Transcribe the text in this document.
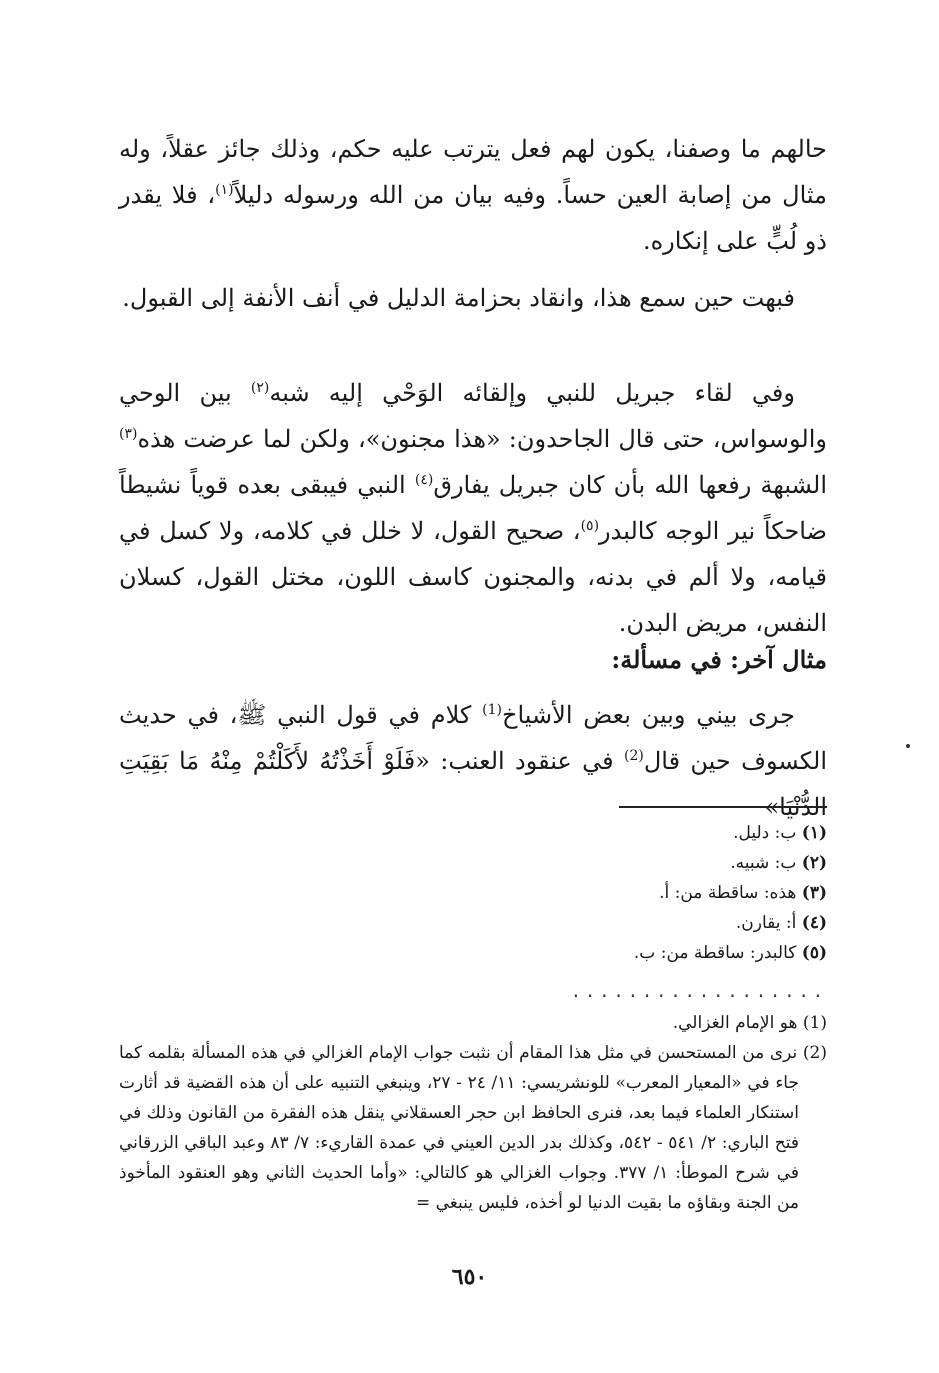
حالهم ما وصفنا، يكون لهم فعل يترتب عليه حكم، وذلك جائز عقلاً، وله مثال من إصابة العين حساً. وفيه بيان من الله ورسوله دليلاً$^{(١)}$، فلا يقدر ذو لُبٍّ على إنكاره.
فبهت حين سمع هذا، وانقاد بحزامة الدليل في أنف الأنفة إلى القبول.
وفي لقاء جبريل للنبي وإلقائه الوَحْي إليه شبه$^{(٢)}$ بين الوحي والوسواس، حتى قال الجاحدون: «هذا مجنون»، ولكن لما عرضت هذه$^{(٣)}$ الشبهة رفعها الله بأن كان جبريل يفارق$^{(٤)}$ النبي فيبقى بعده قوياً نشيطاً ضاحكاً نير الوجه كالبدر$^{(٥)}$، صحيح القول، لا خلل في كلامه، ولا كسل في قيامه، ولا ألم في بدنه، والمجنون كاسف اللون، مختل القول، كسلان النفس، مريض البدن.
مثال آخر: في مسألة:
جرى بيني وبين بعض الأشياخ$^{(1)}$ كلام في قول النبي ﷺ، في حديث الكسوف حين قال$^{(2)}$ في عنقود العنب: «فَلَوْ أَخَذْتُهُ لأَكَلْتُمْ مِنْهُ مَا بَقِيَتِ الدُّنْيَا»
(١) ب: دليل.
(٢) ب: شبيه.
(٣) هذه: ساقطة من: أ.
(٤) أ: يقارن.
(٥) كالبدر: ساقطة من: ب.
..................
(1) هو الإمام الغزالي.
(2) نرى من المستحسن في مثل هذا المقام أن نثبت جواب الإمام الغزالي في هذه المسألة بقلمه كما جاء في «المعيار المعرب» للونشريسي: ١١/ ٢٤ - ٢٧، وينبغي التنبيه على أن هذه القضية قد أثارت استنكار العلماء فيما بعد، فنرى الحافظ ابن حجر العسقلاني ينقل هذه الفقرة من القانون وذلك في فتح الباري: ٢/ ٥٤١ - ٥٤٢، وكذلك بدر الدين العيني في عمدة القاريء: ٧/ ٨٣ وعبد الباقي الزرقاني في شرح الموطأ: ١/ ٣٧٧. وجواب الغزالي هو كالتالي: «وأما الحديث الثاني وهو العنقود المأخوذ من الجنة وبقاؤه ما بقيت الدنيا لو أخذه، فليس ينبغي =
٦٥٠
